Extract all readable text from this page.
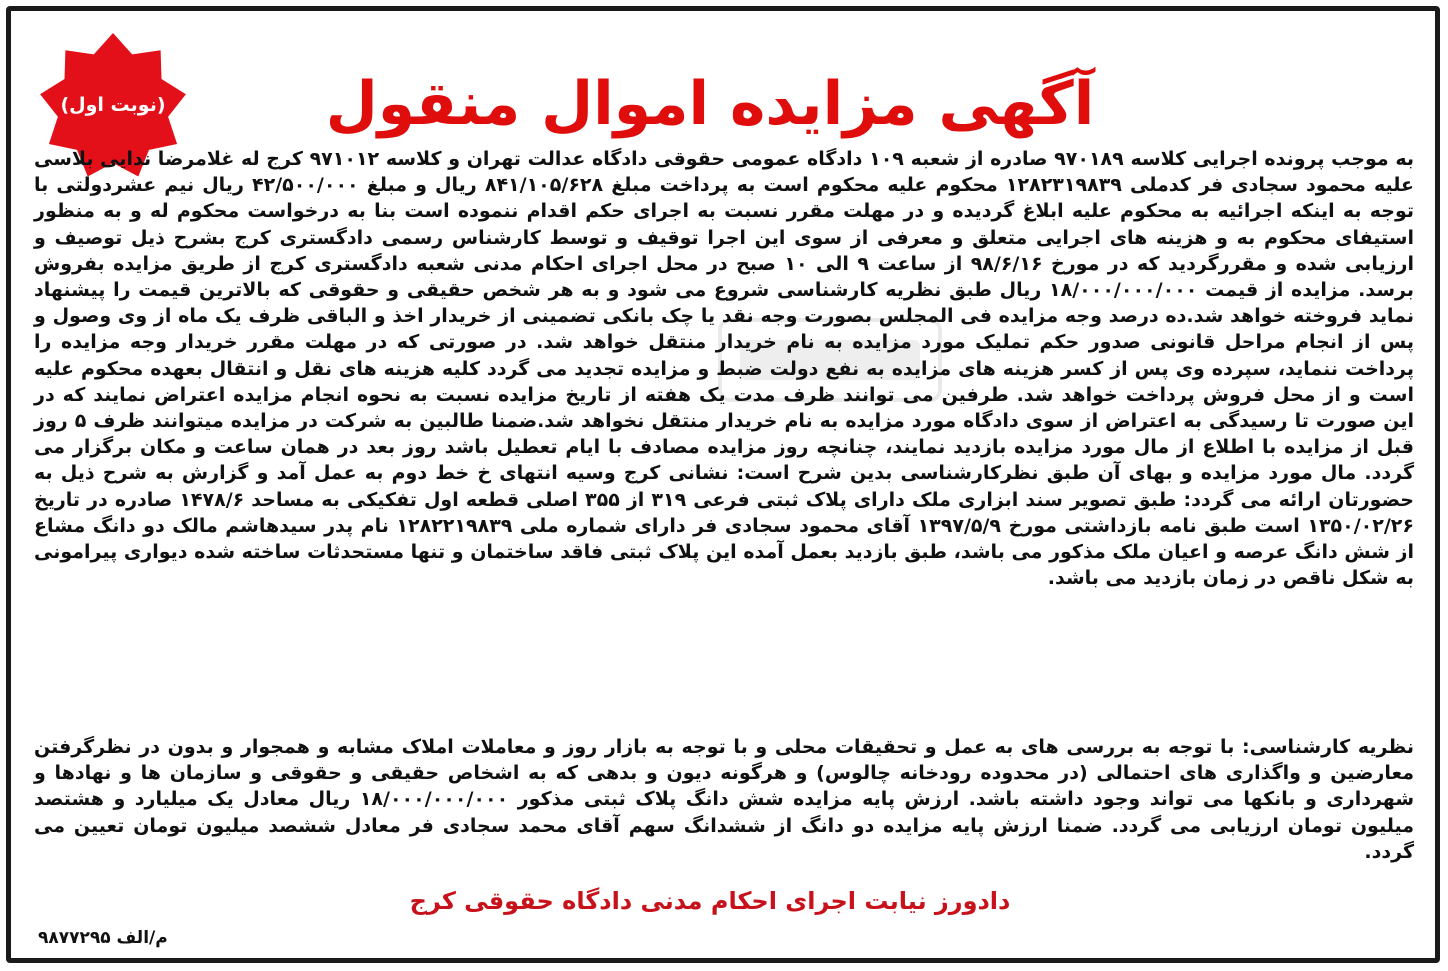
(نوبت اول)	آگهی مزایده اموال منقول
به موجب پرونده اجرایی کلاسه ۹۷۰۱۸۹ صادره از شعبه ۱۰۹ دادگاه عمومی حقوقی دادگاه عدالت تهران و کلاسه ۹۷۱۰۱۲ کرج له غلامرضا ندایی بلاسی علیه محمود سجادی فر کدملی ۱۲۸۲۳۱۹۸۳۹ محکوم علیه محکوم است به پرداخت مبلغ ۸۴۱/۱۰۵/۶۲۸ ریال و مبلغ ۴۲/۵۰۰/۰۰۰ ریال نیم عشردولتی با توجه به اینکه اجرائیه به محکوم علیه ابلاغ گردیده و در مهلت مقرر نسبت به اجرای حکم اقدام ننموده است بنا به درخواست محکوم له و به منظور استیفای محکوم به و هزینه های اجرایی متعلق و معرفی از سوی این اجرا توقیف و توسط کارشناس رسمی دادگستری کرج بشرح ذیل توصیف و ارزیابی شده و مقررگردید که در مورخ ۹۸/۶/۱۶ از ساعت ۹ الی ۱۰ صبح در محل اجرای احکام مدنی شعبه دادگستری کرج از طریق مزایده بفروش برسد. مزایده از قیمت ۱۸/۰۰۰/۰۰۰/۰۰۰ ریال طبق نظریه کارشناسی شروع می شود و به هر شخص حقیقی و حقوقی که بالاترین قیمت را پیشنهاد نماید فروخته خواهد شد.ده درصد وجه مزایده فی المجلس بصورت وجه نقد یا چک بانکی تضمینی از خریدار اخذ و الباقی ظرف یک ماه از وی وصول و پس از انجام مراحل قانونی صدور حکم تملیک مورد مزایده به نام خریدار منتقل خواهد شد. در صورتی که در مهلت مقرر خریدار وجه مزایده را پرداخت ننماید، سپرده وی پس از کسر هزینه های مزایده به نفع دولت ضبط و مزایده تجدید می گردد کلیه هزینه های نقل و انتقال بعهده محکوم علیه است و از محل فروش پرداخت خواهد شد. طرفین می توانند ظرف مدت یک هفته از تاریخ مزایده نسبت به نحوه انجام مزایده اعتراض نمایند که در این صورت تا رسیدگی به اعتراض از سوی دادگاه مورد مزایده به نام خریدار منتقل نخواهد شد.ضمنا طالبین به شرکت در مزایده میتوانند ظرف ۵ روز قبل از مزایده با اطلاع از مال مورد مزایده بازدید نمایند، چنانچه روز مزایده مصادف با ایام تعطیل باشد روز بعد در همان ساعت و مکان برگزار می گردد. مال مورد مزایده و بهای آن طبق نظرکارشناسی بدین شرح است: نشانی کرج وسیه انتهای خ خط دوم به عمل آمد و گزارش به شرح ذیل به حضورتان ارائه می گردد: طبق تصویر سند ابزاری ملک دارای پلاک ثبتی فرعی ۳۱۹ از ۳۵۵ اصلی قطعه اول تفکیکی به مساحد ۱۴۷۸/۶ صادره در تاریخ ۱۳۵۰/۰۲/۲۶ است طبق نامه بازداشتی مورخ ۱۳۹۷/۵/۹ آقای محمود سجادی فر دارای شماره ملی ۱۲۸۲۲۱۹۸۳۹ نام پدر سیدهاشم مالک دو دانگ مشاع از شش دانگ عرصه و اعیان ملک مذکور می باشد، طبق بازدید بعمل آمده این پلاک ثبتی فاقد ساختمان و تنها مستحدثات ساخته شده دیواری پیرامونی به شکل ناقص در زمان بازدید می باشد.
نظریه کارشناسی: با توجه به بررسی های به عمل و تحقیقات محلی و با توجه به بازار روز و معاملات املاک مشابه و همجوار و بدون در نظرگرفتن معارضین و واگذاری های احتمالی (در محدوده رودخانه چالوس) و هرگونه دیون و بدهی که به اشخاص حقیقی و حقوقی و سازمان ها و نهادها و شهرداری و بانکها می تواند وجود داشته باشد. ارزش پایه مزایده شش دانگ پلاک ثبتی مذکور ۱۸/۰۰۰/۰۰۰/۰۰۰ ریال معادل یک میلیارد و هشتصد میلیون تومان ارزیابی می گردد. ضمنا ارزش پایه مزایده دو دانگ از ششدانگ سهم آقای محمد سجادی فر معادل ششصد میلیون تومان تعیین می گردد.
دادورز نیابت اجرای احکام مدنی دادگاه حقوقی کرج
م/الف ۹۸۷۷۲۹۵
